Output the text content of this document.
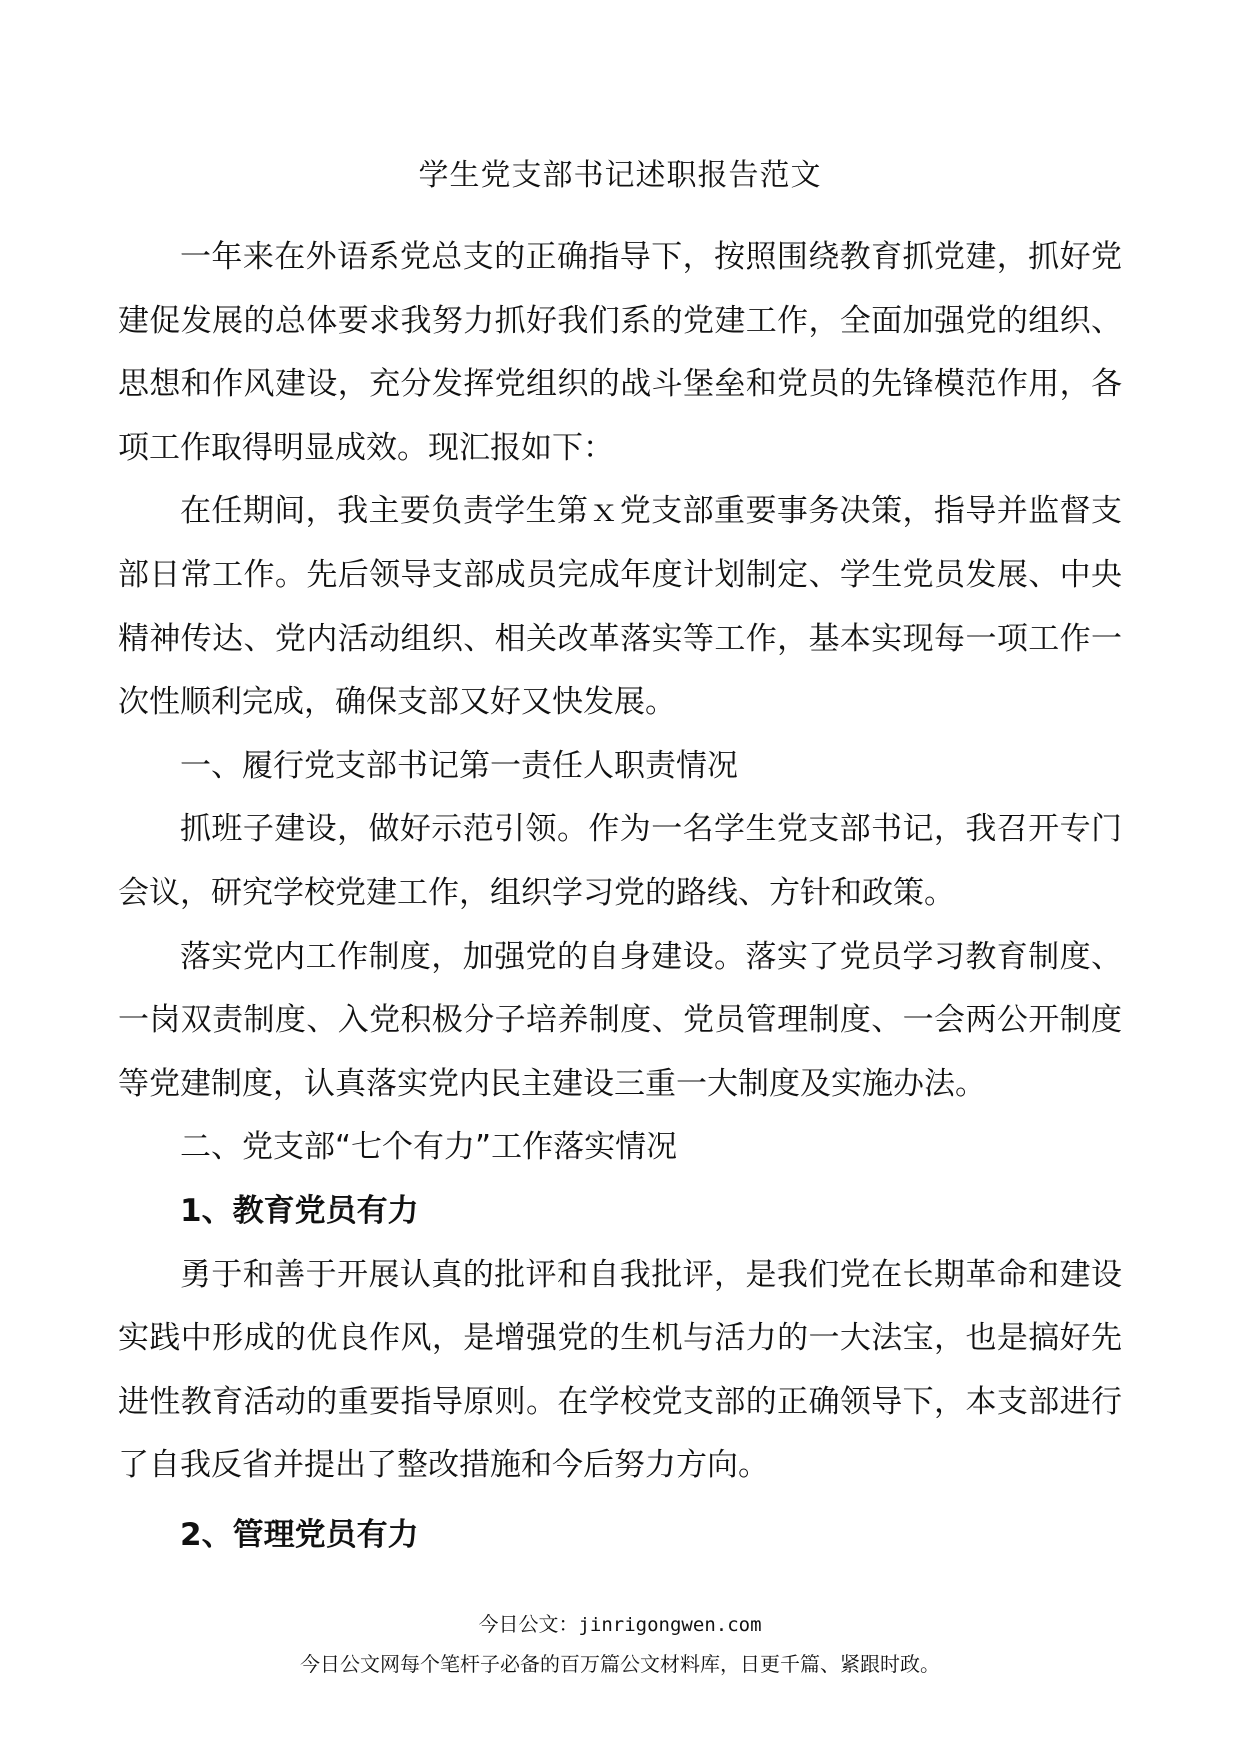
学生党支部书记述职报告范文

一年来在外语系党总支的正确指导下，按照围绕教育抓党建，抓好党建促发展的总体要求我努力抓好我们系的党建工作，全面加强党的组织、思想和作风建设，充分发挥党组织的战斗堡垒和党员的先锋模范作用，各项工作取得明显成效。现汇报如下：

在任期间，我主要负责学生第ｘ党支部重要事务决策，指导并监督支部日常工作。先后领导支部成员完成年度计划制定、学生党员发展、中央精神传达、党内活动组织、相关改革落实等工作，基本实现每一项工作一次性顺利完成，确保支部又好又快发展。

一、履行党支部书记第一责任人职责情况

抓班子建设，做好示范引领。作为一名学生党支部书记，我召开专门会议，研究学校党建工作，组织学习党的路线、方针和政策。

落实党内工作制度，加强党的自身建设。落实了党员学习教育制度、一岗双责制度、入党积极分子培养制度、党员管理制度、一会两公开制度等党建制度，认真落实党内民主建设三重一大制度及实施办法。

二、党支部“七个有力”工作落实情况

1、教育党员有力

勇于和善于开展认真的批评和自我批评，是我们党在长期革命和建设实践中形成的优良作风，是增强党的生机与活力的一大法宝，也是搞好先进性教育活动的重要指导原则。在学校党支部的正确领导下，本支部进行了自我反省并提出了整改措施和今后努力方向。

2、管理党员有力

今日公文：jinrigongwen.com
今日公文网每个笔杆子必备的百万篇公文材料库，日更千篇、紧跟时政。
